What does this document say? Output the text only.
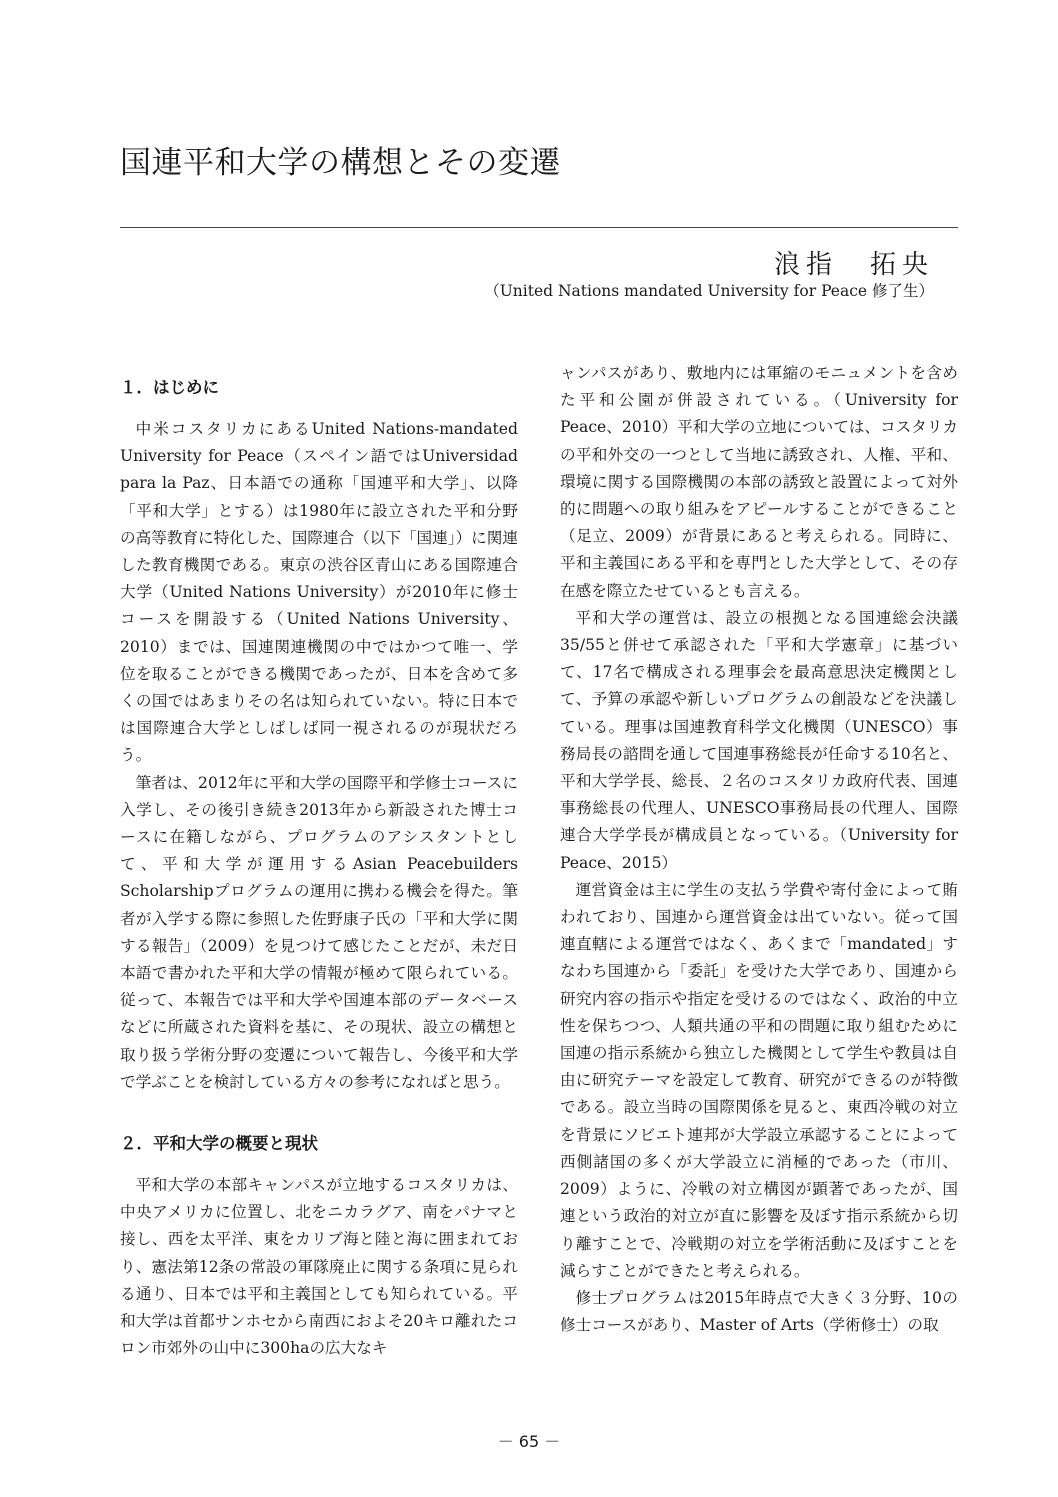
国連平和大学の構想とその変遷
浪指　拓央
（United Nations mandated University for Peace 修了生）
１．はじめに

中米コスタリカにあるUnited Nations-mandated University for Peace（スペイン語ではUniversidad para la Paz、日本語での通称「国連平和大学」、以降「平和大学」とする）は1980年に設立された平和分野の高等教育に特化した、国際連合（以下「国連」）に関連した教育機関である。東京の渋谷区青山にある国際連合大学（United Nations University）が2010年に修士コースを開設する（United Nations University、2010）までは、国連関連機関の中ではかつて唯一、学位を取ることができる機関であったが、日本を含めて多くの国ではあまりその名は知られていない。特に日本では国際連合大学としばしば同一視されるのが現状だろう。

筆者は、2012年に平和大学の国際平和学修士コースに入学し、その後引き続き2013年から新設された博士コースに在籍しながら、プログラムのアシスタントとして、平和大学が運用するAsian Peacebuilders Scholarshipプログラムの運用に携わる機会を得た。筆者が入学する際に参照した佐野康子氏の「平和大学に関する報告」（2009）を見つけて感じたことだが、未だ日本語で書かれた平和大学の情報が極めて限られている。従って、本報告では平和大学や国連本部のデータベースなどに所蔵された資料を基に、その現状、設立の構想と取り扱う学術分野の変遷について報告し、今後平和大学で学ぶことを検討している方々の参考になればと思う。

２．平和大学の概要と現状

平和大学の本部キャンパスが立地するコスタリカは、中央アメリカに位置し、北をニカラグア、南をパナマと接し、西を太平洋、東をカリブ海と陸と海に囲まれており、憲法第12条の常設の軍隊廃止に関する条項に見られる通り、日本では平和主義国としても知られている。平和大学は首都サンホセから南西におよそ20キロ離れたコロン市郊外の山中に300haの広大なキ

ャンパスがあり、敷地内には軍縮のモニュメントを含めた平和公園が併設されている。（University for Peace、2010）平和大学の立地については、コスタリカの平和外交の一つとして当地に誘致され、人権、平和、環境に関する国際機関の本部の誘致と設置によって対外的に問題への取り組みをアピールすることができること（足立、2009）が背景にあると考えられる。同時に、平和主義国にある平和を専門とした大学として、その存在感を際立たせているとも言える。

平和大学の運営は、設立の根拠となる国連総会決議35/55と併せて承認された「平和大学憲章」に基づいて、17名で構成される理事会を最高意思決定機関として、予算の承認や新しいプログラムの創設などを決議している。理事は国連教育科学文化機関（UNESCO）事務局長の諮問を通して国連事務総長が任命する10名と、平和大学学長、総長、２名のコスタリカ政府代表、国連事務総長の代理人、UNESCO事務局長の代理人、国際連合大学学長が構成員となっている。（University for Peace、2015）

運営資金は主に学生の支払う学費や寄付金によって賄われており、国連から運営資金は出ていない。従って国連直轄による運営ではなく、あくまで「mandated」すなわち国連から「委託」を受けた大学であり、国連から研究内容の指示や指定を受けるのではなく、政治的中立性を保ちつつ、人類共通の平和の問題に取り組むために国連の指示系統から独立した機関として学生や教員は自由に研究テーマを設定して教育、研究ができるのが特徴である。設立当時の国際関係を見ると、東西冷戦の対立を背景にソビエト連邦が大学設立承認することによって西側諸国の多くが大学設立に消極的であった（市川、2009）ように、冷戦の対立構図が顕著であったが、国連という政治的対立が直に影響を及ぼす指示系統から切り離すことで、冷戦期の対立を学術活動に及ぼすことを減らすことができたと考えられる。

修士プログラムは2015年時点で大きく３分野、10の修士コースがあり、Master of Arts（学術修士）の取

－ 65 －
